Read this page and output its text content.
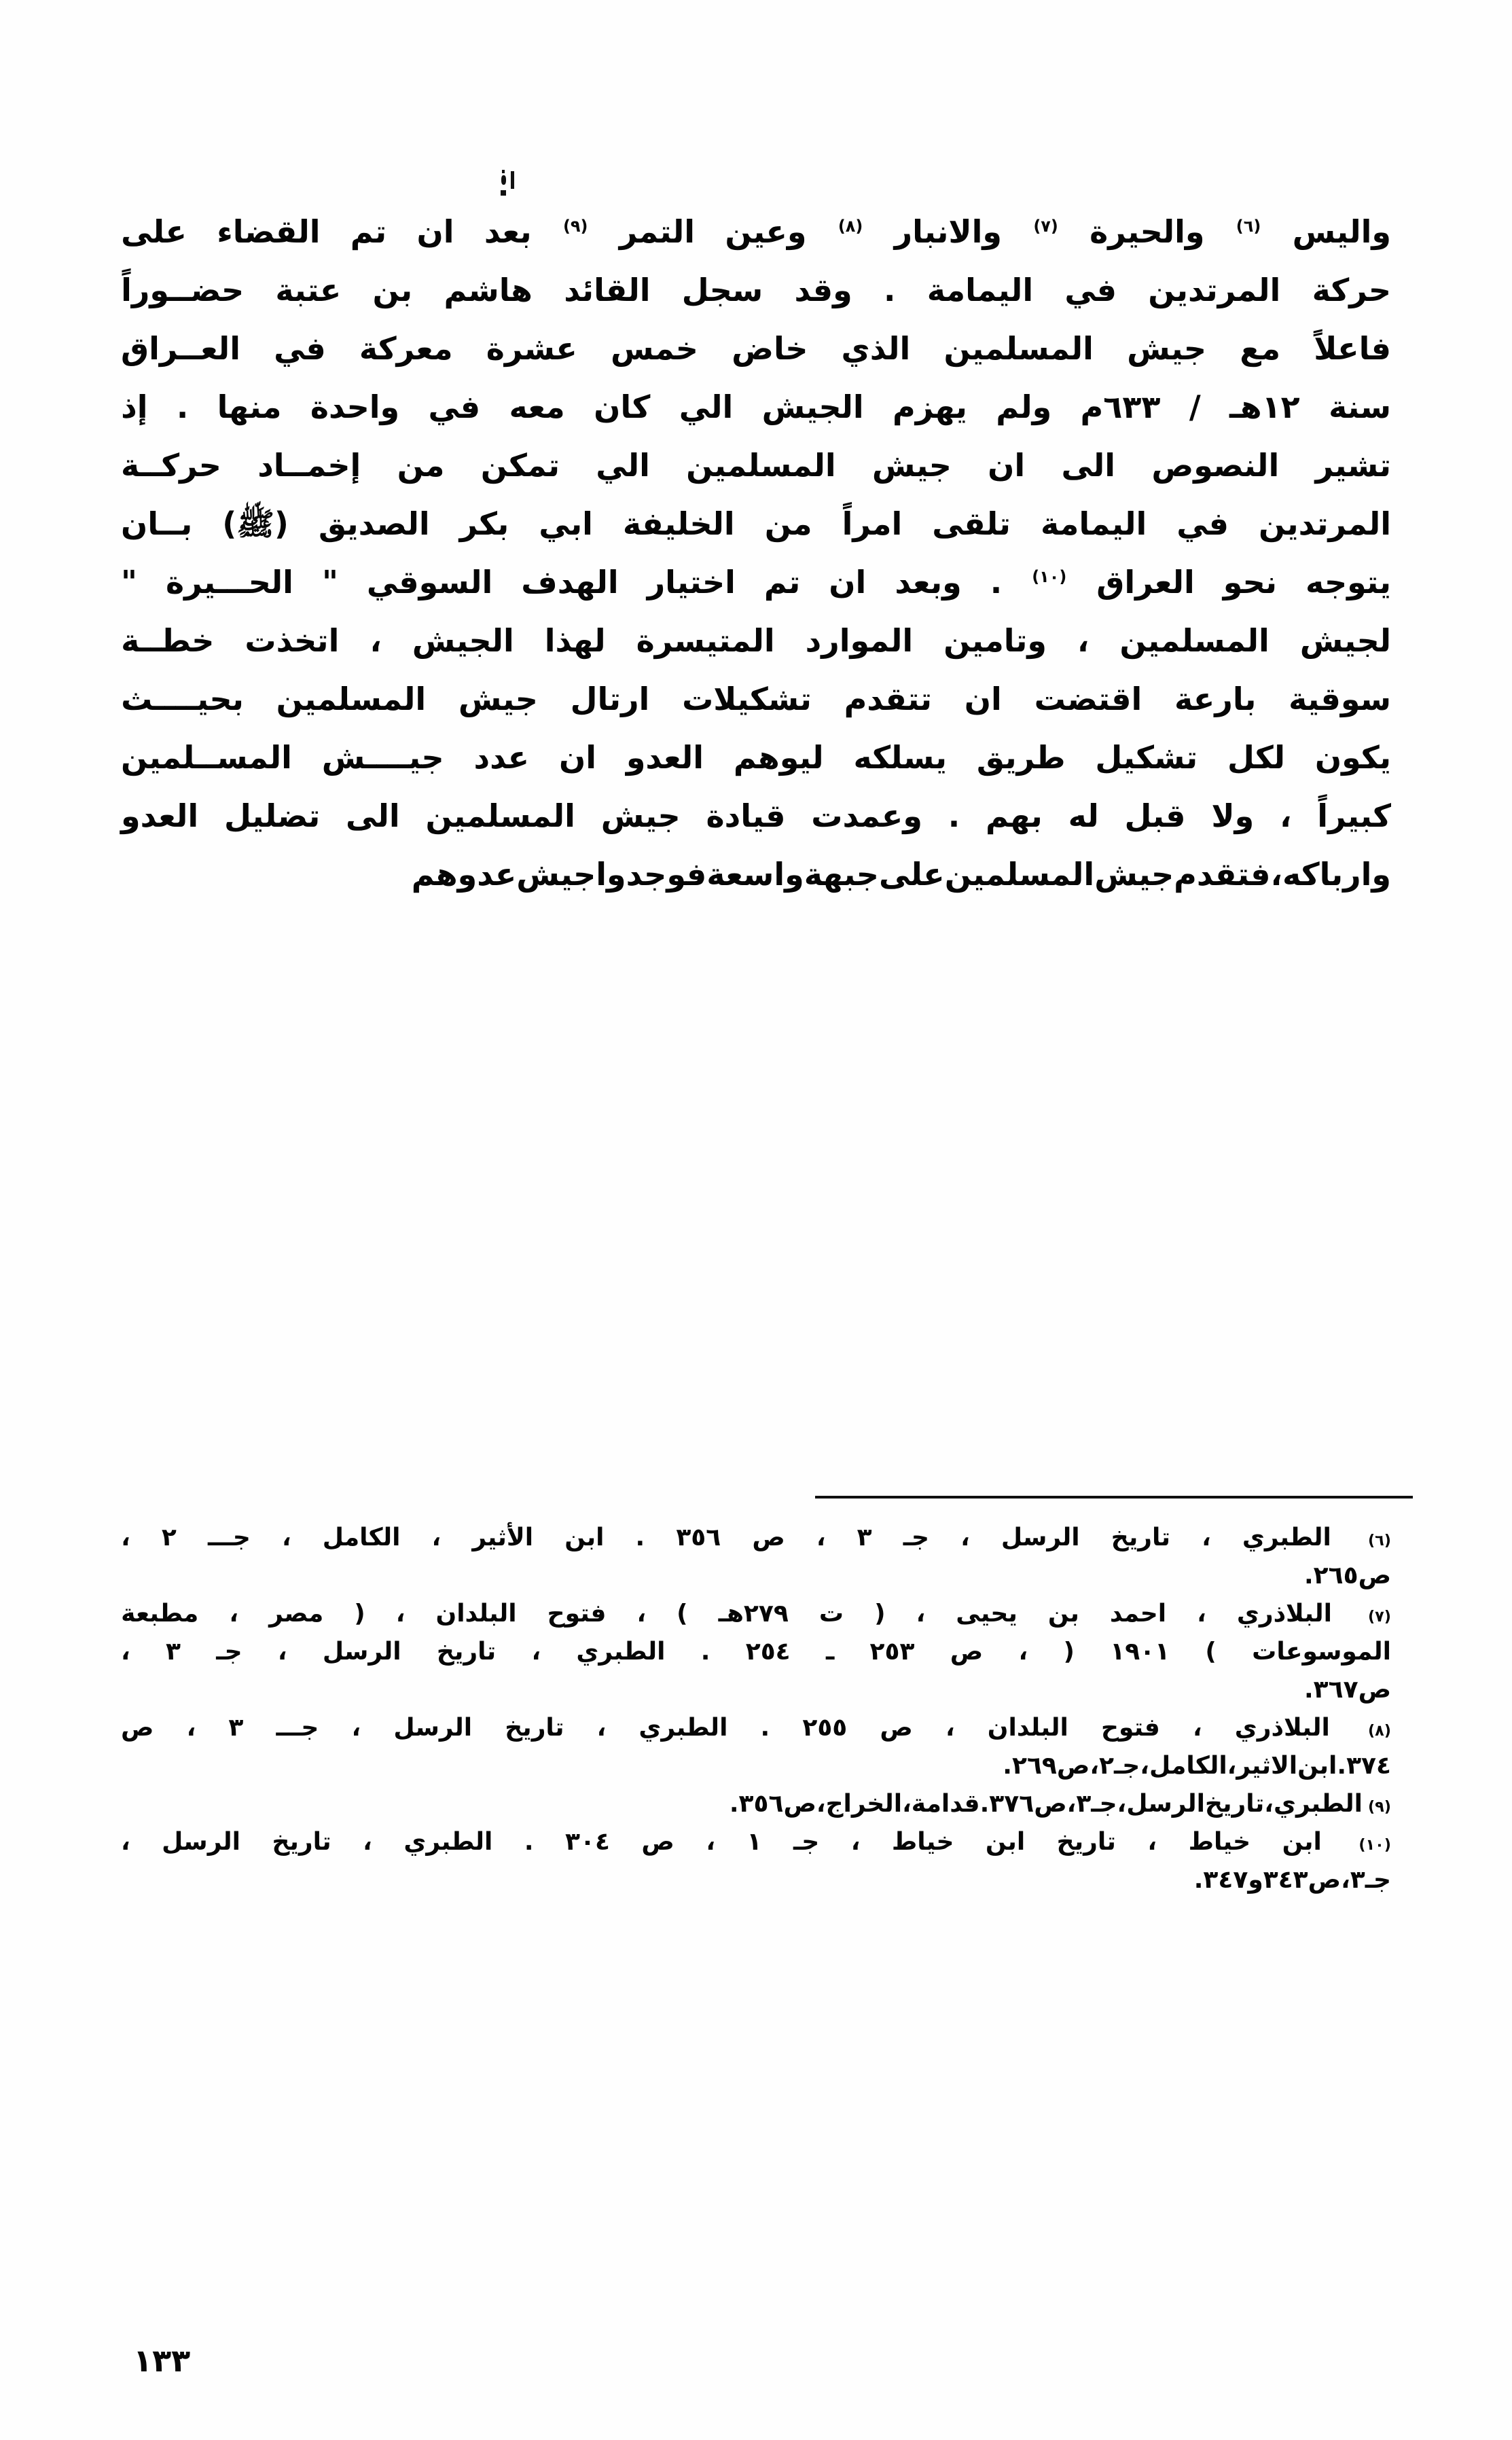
واليس
$^{(٦)}$
والحيرة
$^{(٧)}$
والانبار
$^{(٨)}$
وعين
التمر
$^{(٩)}$
بعد
ان
تم
القضاء
على
حركة
المرتدين
في
اليمامة
.
وقد
سجل
القائد
هاشم
بن
عتبة
حضــوراً
فاعلاً
مع
جيش
المسلمين
الذي
خاض
خمس
عشرة
معركة
في
العــراق
سنة
١٢هـ
/
٦٣٣م
ولم
يهزم
الجيش
الي
كان
معه
في
واحدة
منها
.
إذ
تشير
النصوص
الى
ان
جيش
المسلمين
الي
تمكن
من
إخمــاد
حركــة
المرتدين
في
اليمامة
تلقى
امراً
من
الخليفة
ابي
بكر
الصديق
(ﷺ)
بــان
يتوجه
نحو
العراق
$^{(١٠)}$
.
وبعد
ان
تم
اختيار
الهدف
السوقي
"
الحـــيرة
"
لجيش
المسلمين
،
وتامين
الموارد
المتيسرة
لهذا
الجيش
،
اتخذت
خطــة
سوقية
بارعة
اقتضت
ان
تتقدم
تشكيلات
ارتال
جيش
المسلمين
بحيــــث
يكون
لكل
تشكيل
طريق
يسلكه
ليوهم
العدو
ان
عدد
جيــــش
المســلمين
كبيراً
،
ولا
قبل
له
بهم
.
وعمدت
قيادة
جيش
المسلمين
الى
تضليل
العدو
وارباكه
،
فتقدم
جيش
المسلمين
على
جبهة
واسعة
فوجدوا
جيش
عدوهم
(٦)
الطبري
،
تاريخ
الرسل
،
جـ
٣
،
ص
٣٥٦
.
ابن
الأثير
،
الكامل
،
جـــ
٢
،
ص
٢٦٥
.
(٧)
البلاذري
،
احمد
بن
يحيى
،
(
ت
٢٧٩هـ
)
،
فتوح
البلدان
،
(
مصر
،
مطبعة
الموسوعات
)
١٩٠١
(
،
ص
٢٥٣
ـ
٢٥٤
.
الطبري
،
تاريخ
الرسل
،
جـ
٣
،
ص
٣٦٧
.
(٨)
البلاذري
،
فتوح
البلدان
،
ص
٢٥٥
.
الطبري
،
تاريخ
الرسل
،
جـــ
٣
،
ص
٣٧٤
.
ابن
الاثير
،
الكامل
،
جـ
٢
،
ص
٢٦٩
.
(٩)
الطبري
،
تاريخ
الرسل
،
جـ
٣
،
ص
٣٧٦
.
قدامة
،
الخراج
،
ص
٣٥٦
.
(١٠)
ابن
خياط
،
تاريخ
ابن
خياط
،
جـ
١
،
ص
٣٠٤
.
الطبري
،
تاريخ
الرسل
،
جـ
٣
،
ص
٣٤٣
و
٣٤٧
.
١٣٣
